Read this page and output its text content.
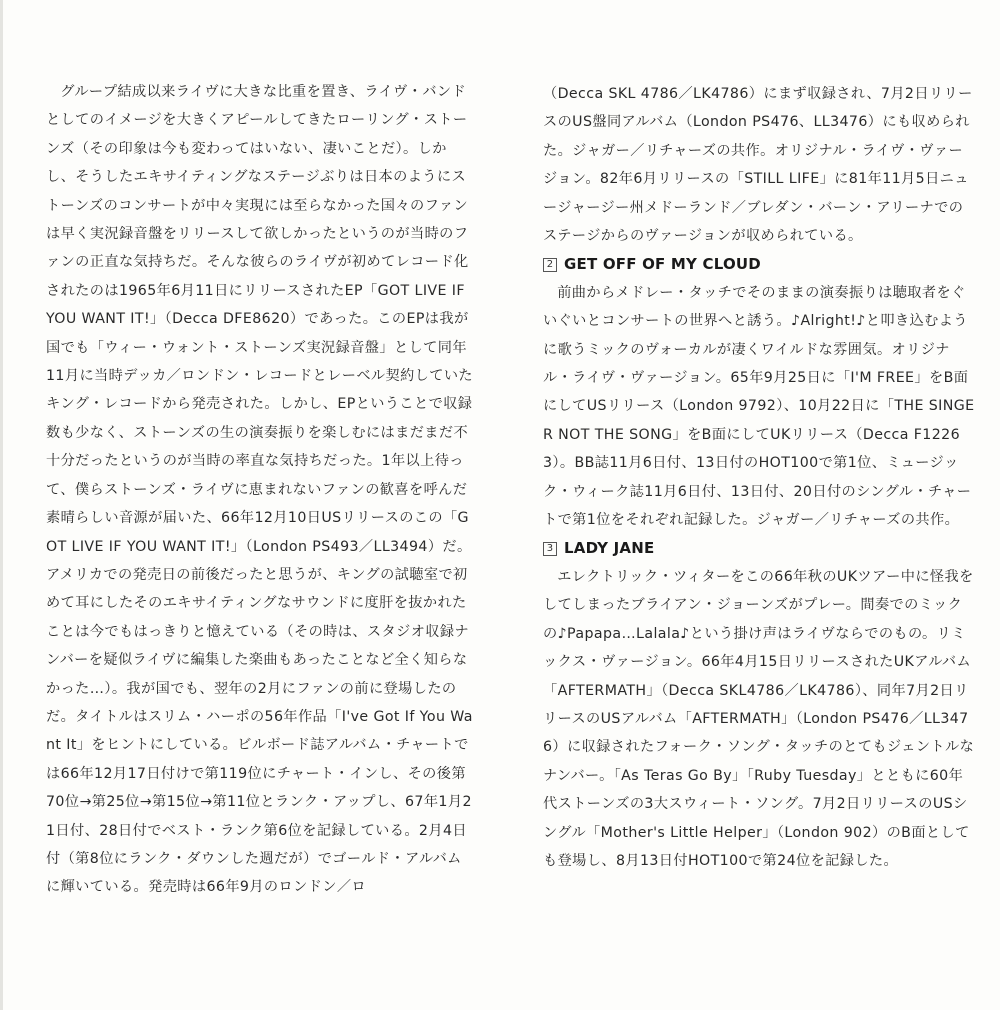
グループ結成以来ライヴに大きな比重を置き、ライヴ・バンドとしてのイメージを大きくアピールしてきたローリング・ストーンズ（その印象は今も変わってはいない、凄いことだ）。しかし、そうしたエキサイティングなステージぶりは日本のようにストーンズのコンサートが中々実現には至らなかった国々のファンは早く実況録音盤をリリースして欲しかったというのが当時のファンの正直な気持ちだ。そんな彼らのライヴが初めてレコード化されたのは1965年6月11日にリリースされたEP「GOT LIVE IF YOU WANT IT!」（Decca DFE8620）であった。このEPは我が国でも「ウィー・ウォント・ストーンズ実況録音盤」として同年11月に当時デッカ／ロンドン・レコードとレーベル契約していたキング・レコードから発売された。しかし、EPということで収録数も少なく、ストーンズの生の演奏振りを楽しむにはまだまだ不十分だったというのが当時の率直な気持ちだった。1年以上待って、僕らストーンズ・ライヴに恵まれないファンの歓喜を呼んだ素晴らしい音源が届いた、66年12月10日USリリースのこの「GOT LIVE IF YOU WANT IT!」（London PS493／LL3494）だ。アメリカでの発売日の前後だったと思うが、キングの試聴室で初めて耳にしたそのエキサイティングなサウンドに度肝を抜かれたことは今でもはっきりと憶えている（その時は、スタジオ収録ナンバーを疑似ライヴに編集した楽曲もあったことなど全く知らなかった…）。我が国でも、翌年の2月にファンの前に登場したのだ。タイトルはスリム・ハーポの56年作品「I've Got If You Want It」をヒントにしている。ビルボード誌アルバム・チャートでは66年12月17日付けで第119位にチャート・インし、その後第70位→第25位→第15位→第11位とランク・アップし、67年1月21日付、28日付でベスト・ランク第6位を記録している。2月4日付（第8位にランク・ダウンした週だが）でゴールド・アルバムに輝いている。発売時は66年9月のロンドン／ロ

（Decca SKL 4786／LK4786）にまず収録され、7月2日リリースのUS盤同アルバム（London PS476、LL3476）にも収められた。ジャガー／リチャーズの共作。オリジナル・ライヴ・ヴァージョン。82年6月リリースの「STILL LIFE」に81年11月5日ニュージャージー州メドーランド／ブレダン・バーン・アリーナでのステージからのヴァージョンが収められている。

2 GET OFF OF MY CLOUD

前曲からメドレー・タッチでそのままの演奏振りは聴取者をぐいぐいとコンサートの世界へと誘う。♪Alright!♪と叩き込むように歌うミックのヴォーカルが凄くワイルドな雰囲気。オリジナル・ライヴ・ヴァージョン。65年9月25日に「I'M FREE」をB面にしてUSリリース（London 9792）、10月22日に「THE SINGER NOT THE SONG」をB面にしてUKリリース（Decca F12263）。BB誌11月6日付、13日付のHOT100で第1位、ミュージック・ウィーク誌11月6日付、13日付、20日付のシングル・チャートで第1位をそれぞれ記録した。ジャガー／リチャーズの共作。

3 LADY JANE

エレクトリック・ツィターをこの66年秋のUKツアー中に怪我をしてしまったブライアン・ジョーンズがプレー。間奏でのミックの♪Papapa…Lalala♪という掛け声はライヴならでのもの。リミックス・ヴァージョン。66年4月15日リリースされたUKアルバム「AFTERMATH」（Decca SKL4786／LK4786）、同年7月2日リリースのUSアルバム「AFTERMATH」（London PS476／LL3476）に収録されたフォーク・ソング・タッチのとてもジェントルなナンバー。「As Teras Go By」「Ruby Tuesday」とともに60年代ストーンズの3大スウィート・ソング。7月2日リリースのUSシングル「Mother's Little Helper」（London 902）のB面としても登場し、8月13日付HOT100で第24位を記録した。
